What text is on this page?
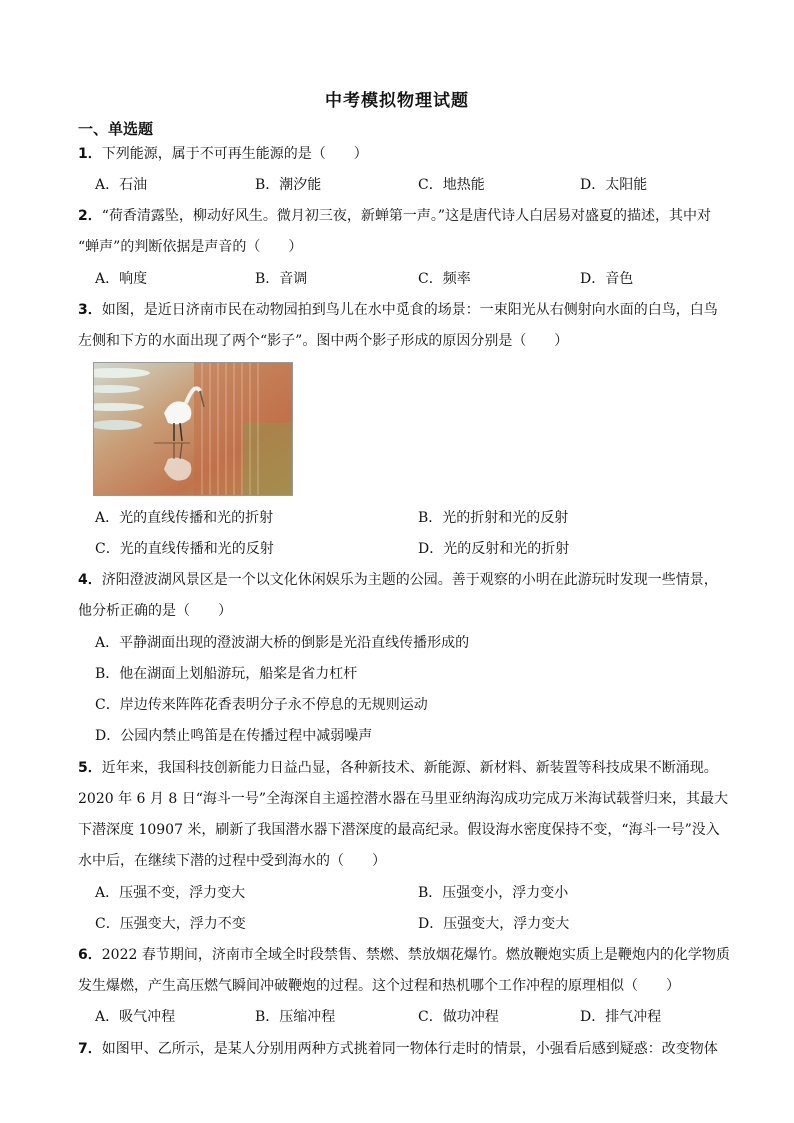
中考模拟物理试题
一、单选题
1．下列能源，属于不可再生能源的是（　　）
A．石油	B．潮汐能	C．地热能	D．太阳能
2．“荷香清露坠，柳动好风生。微月初三夜，新蝉第一声。”这是唐代诗人白居易对盛夏的描述，其中对
“蝉声”的判断依据是声音的（　　）
A．响度	B．音调	C．频率	D．音色
3．如图，是近日济南市民在动物园拍到鸟儿在水中觅食的场景：一束阳光从右侧射向水面的白鸟，白鸟
左侧和下方的水面出现了两个“影子”。图中两个影子形成的原因分别是（　　）
A．光的直线传播和光的折射	B．光的折射和光的反射
C．光的直线传播和光的反射	D．光的反射和光的折射
4．济阳澄波湖风景区是一个以文化休闲娱乐为主题的公园。善于观察的小明在此游玩时发现一些情景，
他分析正确的是（　　）
A．平静湖面出现的澄波湖大桥的倒影是光沿直线传播形成的
B．他在湖面上划船游玩，船桨是省力杠杆
C．岸边传来阵阵花香表明分子永不停息的无规则运动
D．公园内禁止鸣笛是在传播过程中减弱噪声
5．近年来，我国科技创新能力日益凸显，各种新技术、新能源、新材料、新装置等科技成果不断涌现。
2020 年 6 月 8 日“海斗一号”全海深自主遥控潜水器在马里亚纳海沟成功完成万米海试载誉归来，其最大
下潜深度 10907 米，刷新了我国潜水器下潜深度的最高纪录。假设海水密度保持不变，“海斗一号”没入
水中后，在继续下潜的过程中受到海水的（　　）
A．压强不变，浮力变大	B．压强变小，浮力变小
C．压强变大，浮力不变	D．压强变大，浮力变大
6．2022 春节期间，济南市全域全时段禁售、禁燃、禁放烟花爆竹。燃放鞭炮实质上是鞭炮内的化学物质
发生爆燃，产生高压燃气瞬间冲破鞭炮的过程。这个过程和热机哪个工作冲程的原理相似（　　）
A．吸气冲程	B．压缩冲程	C．做功冲程	D．排气冲程
7．如图甲、乙所示，是某人分别用两种方式挑着同一物体行走时的情景，小强看后感到疑惑：改变物体
